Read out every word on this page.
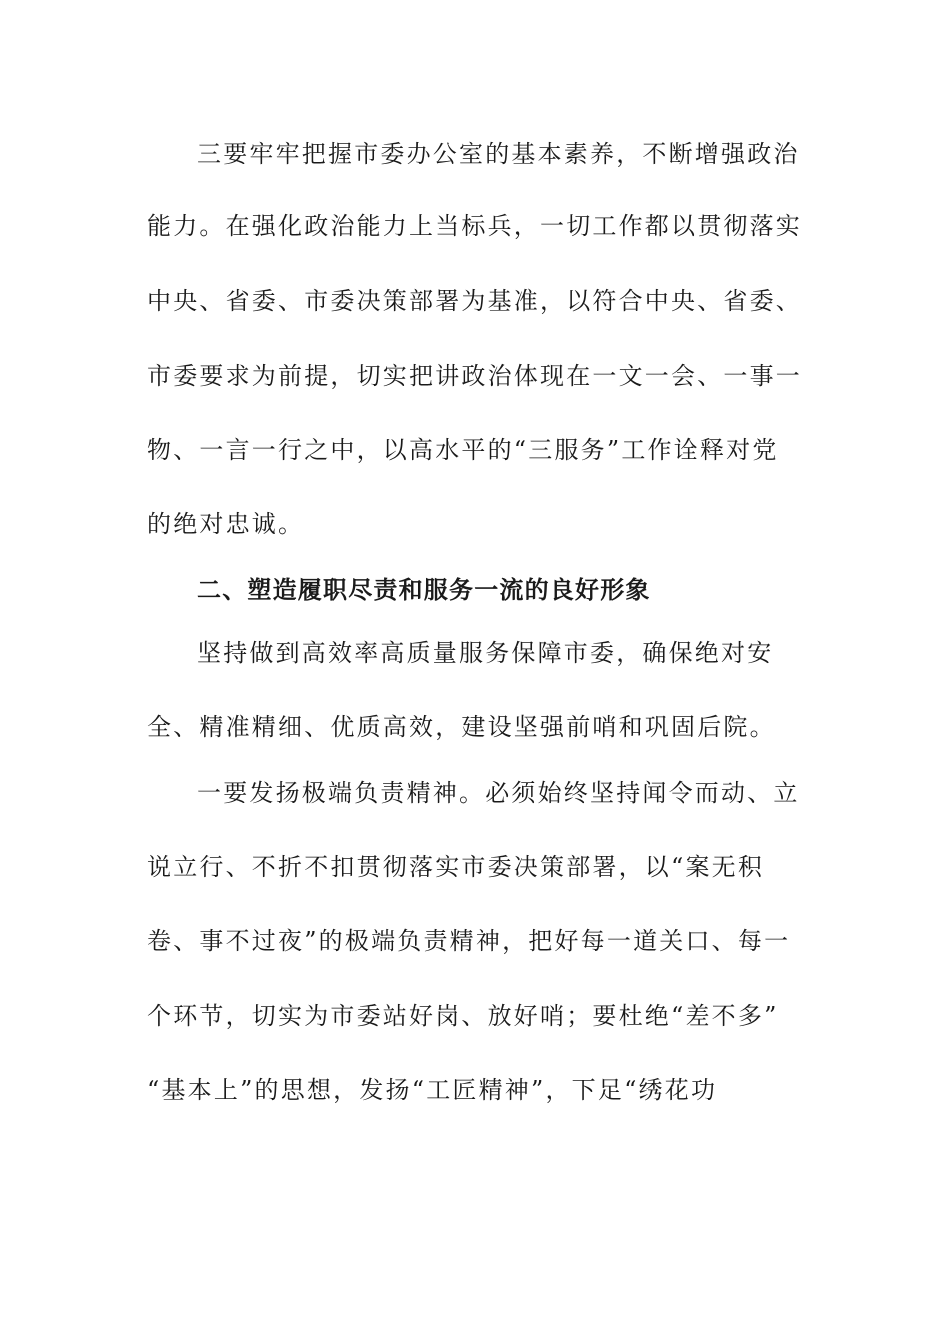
三要牢牢把握市委办公室的基本素养，不断增强政治
能力。在强化政治能力上当标兵，一切工作都以贯彻落实
中央、省委、市委决策部署为基准，以符合中央、省委、
市委要求为前提，切实把讲政治体现在一文一会、一事一
物、一言一行之中，以高水平的“三服务”工作诠释对党
的绝对忠诚。
二、塑造履职尽责和服务一流的良好形象
坚持做到高效率高质量服务保障市委，确保绝对安
全、精准精细、优质高效，建设坚强前哨和巩固后院。
一要发扬极端负责精神。必须始终坚持闻令而动、立
说立行、不折不扣贯彻落实市委决策部署，以“案无积
卷、事不过夜”的极端负责精神，把好每一道关口、每一
个环节，切实为市委站好岗、放好哨；要杜绝“差不多”
“基本上”的思想，发扬“工匠精神”，下足“绣花功
